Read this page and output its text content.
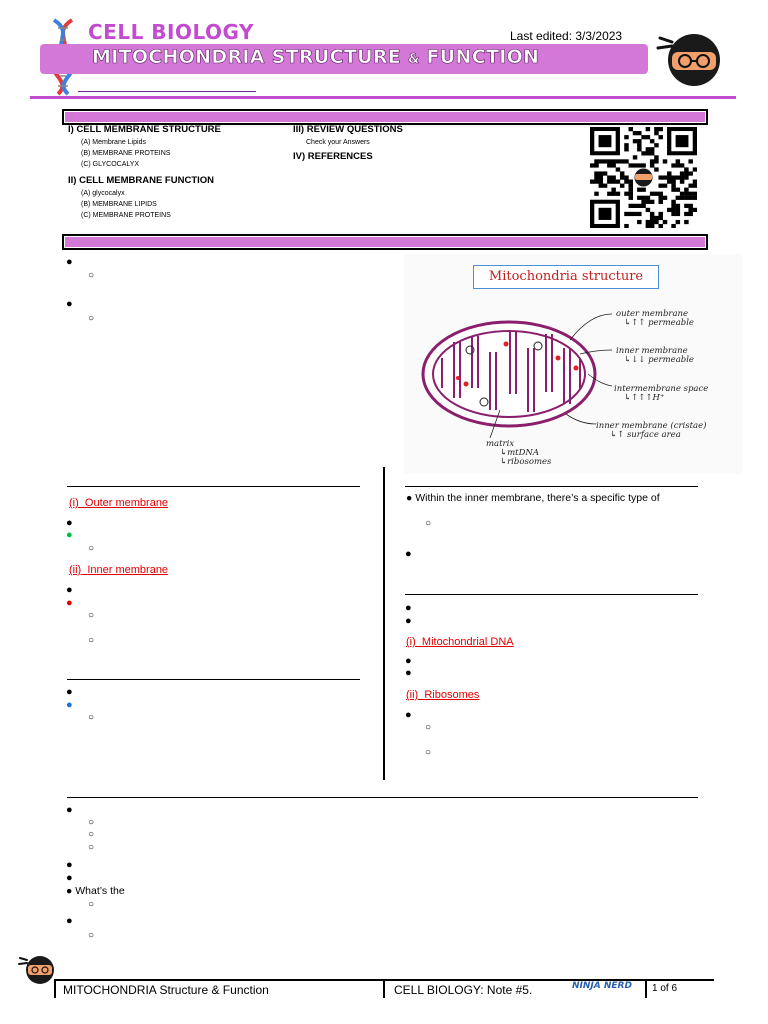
CELL BIOLOGY
MITOCHONDRIA STRUCTURE & FUNCTION
Last edited: 3/3/2023
I) CELL MEMBRANE STRUCTURE
(A) Membrane Lipids
(B) MEMBRANE PROTEINS
(C) GLYCOCALYX
II) CELL MEMBRANE FUNCTION
(A) glycocalyx
(B) MEMBRANE LIPIDS
(C) MEMBRANE PROTEINS
III) REVIEW QUESTIONS
Check your Answers
IV) REFERENCES
●
○
●
○
Mitochondria structure
outer membrane
↳↑↑ permeable
inner membrane
↳↓↓ permeable
intermembrane space
↳↑↑↑H⁺
inner membrane (cristae)
↳↑ surface area
matrix
↳mtDNA
↳ribosomes
(i) Outer membrane
●
●
○
(ii) Inner membrane
●
●
○
○
●
●
○
● Within the inner membrane, there’s a specific type of
○
●
●
●
(i) Mitochondrial DNA
●
●
(ii) Ribosomes
●
○
○
●
○
○
○
●
●
● What’s the
○
●
○
MITOCHONDRIA Structure & Function	CELL BIOLOGY: Note #5.	NINJA NERD 1 of 6
